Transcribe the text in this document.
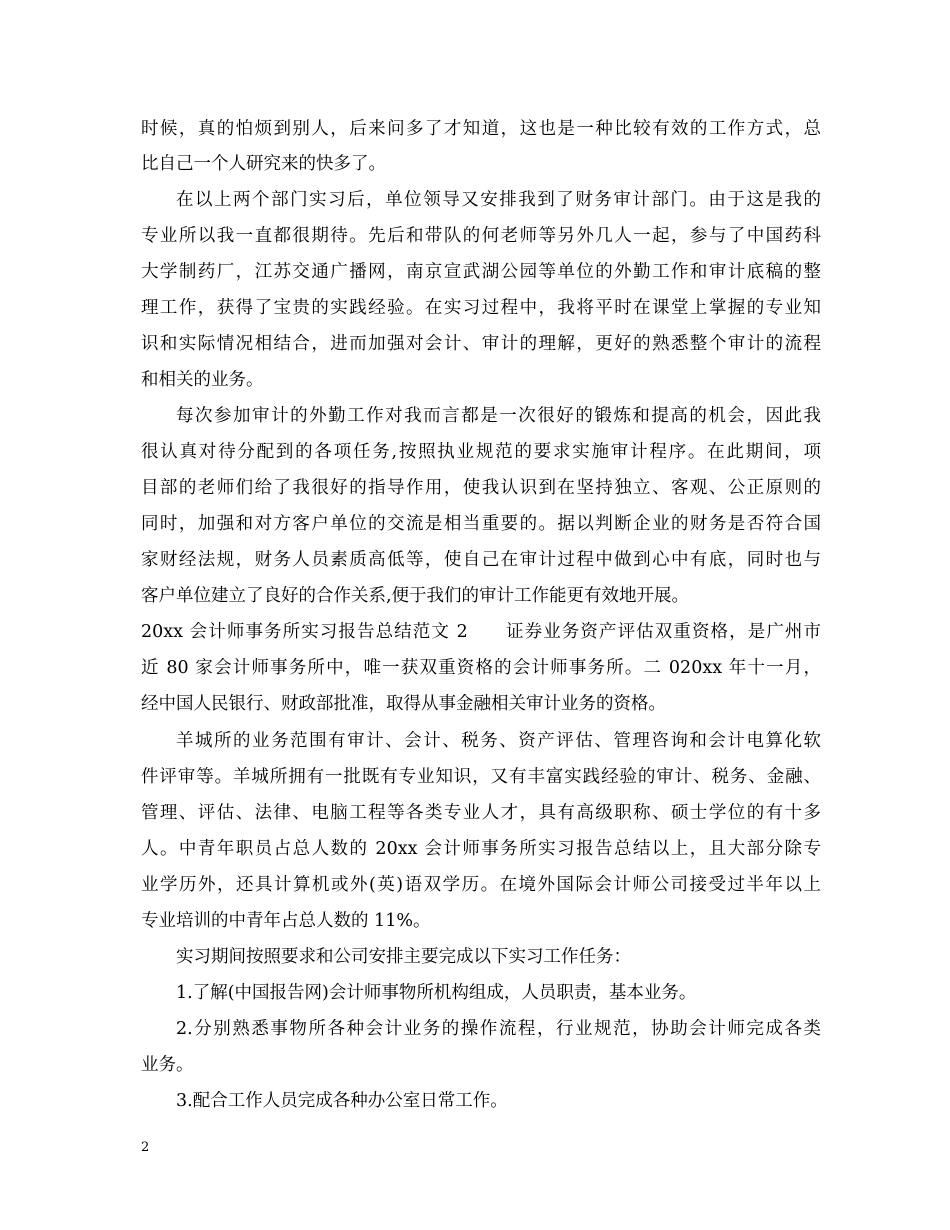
时候，真的怕烦到别人，后来问多了才知道，这也是一种比较有效的工作方式，总
比自己一个人研究来的快多了。
在以上两个部门实习后，单位领导又安排我到了财务审计部门。由于这是我的
专业所以我一直都很期待。先后和带队的何老师等另外几人一起，参与了中国药科
大学制药厂，江苏交通广播网，南京宣武湖公园等单位的外勤工作和审计底稿的整
理工作，获得了宝贵的实践经验。在实习过程中，我将平时在课堂上掌握的专业知
识和实际情况相结合，进而加强对会计、审计的理解，更好的熟悉整个审计的流程
和相关的业务。
每次参加审计的外勤工作对我而言都是一次很好的锻炼和提高的机会，因此我
很认真对待分配到的各项任务,按照执业规范的要求实施审计程序。在此期间，项
目部的老师们给了我很好的指导作用，使我认识到在坚持独立、客观、公正原则的
同时，加强和对方客户单位的交流是相当重要的。据以判断企业的财务是否符合国
家财经法规，财务人员素质高低等，使自己在审计过程中做到心中有底，同时也与
客户单位建立了良好的合作关系,便于我们的审计工作能更有效地开展。
20xx 会计师事务所实习报告总结范文 2　　证券业务资产评估双重资格，是广州市
近 80 家会计师事务所中，唯一获双重资格的会计师事务所。二 020xx 年十一月，
经中国人民银行、财政部批准，取得从事金融相关审计业务的资格。
羊城所的业务范围有审计、会计、税务、资产评估、管理咨询和会计电算化软
件评审等。羊城所拥有一批既有专业知识，又有丰富实践经验的审计、税务、金融、
管理、评估、法律、电脑工程等各类专业人才，具有高级职称、硕士学位的有十多
人。中青年职员占总人数的 20xx 会计师事务所实习报告总结以上，且大部分除专
业学历外，还具计算机或外(英)语双学历。在境外国际会计师公司接受过半年以上
专业培训的中青年占总人数的 11%。
实习期间按照要求和公司安排主要完成以下实习工作任务：
1.了解(中国报告网)会计师事物所机构组成，人员职责，基本业务。
2.分别熟悉事物所各种会计业务的操作流程，行业规范，协助会计师完成各类
业务。
3.配合工作人员完成各种办公室日常工作。
2
